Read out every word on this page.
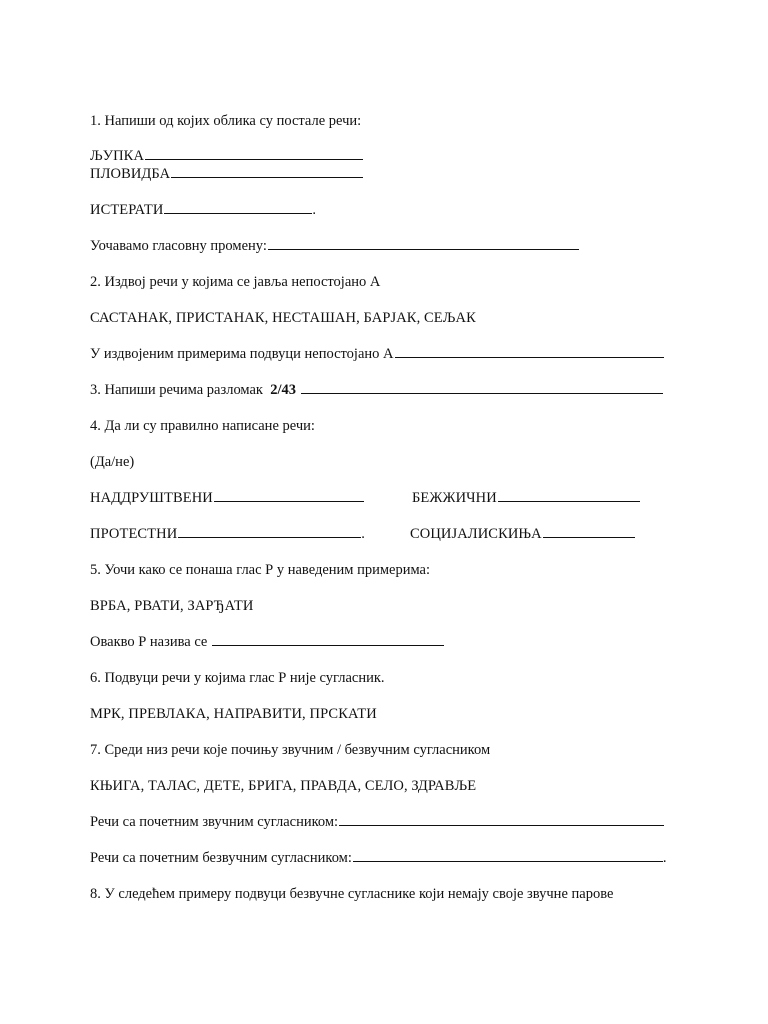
1. Напиши од којих облика су постале речи:
ЉУПКА
ПЛОВИДБА
ИСТЕРАТИ	.
Уочавамо гласовну промену:
2. Издвој речи у којима се јавља непостојано А
САСТАНАК, ПРИСТАНАК, НЕСТАШАН, БАРЈАК, СЕЉАК
У издвојеним примерима подвуци непостојано А
3. Напиши речима разломак 2/43
4. Да ли су правилно написане речи:
(Да/не)
НАДДРУШТВЕНИ	БЕЖЖИЧНИ
ПРОТЕСТНИ	.	СОЦИЈАЛИСКИЊА
5. Уочи како се понаша глас Р у наведеним примерима:
ВРБА, РВАТИ, ЗАРЂАТИ
Овакво Р назива се
6. Подвуци речи у којима глас Р није сугласник.
МРК, ПРЕВЛАКА, НАПРАВИТИ, ПРСКАТИ
7. Среди низ речи које почињу звучним / безвучним сугласником
КЊИГА, ТАЛАС, ДЕТЕ, БРИГА, ПРАВДА, СЕЛО, ЗДРАВЉЕ
Речи са почетним звучним сугласником:
Речи са почетним безвучним сугласником:	.
8. У следећем примеру подвуци безвучне сугласнике који немају своје звучне парове
